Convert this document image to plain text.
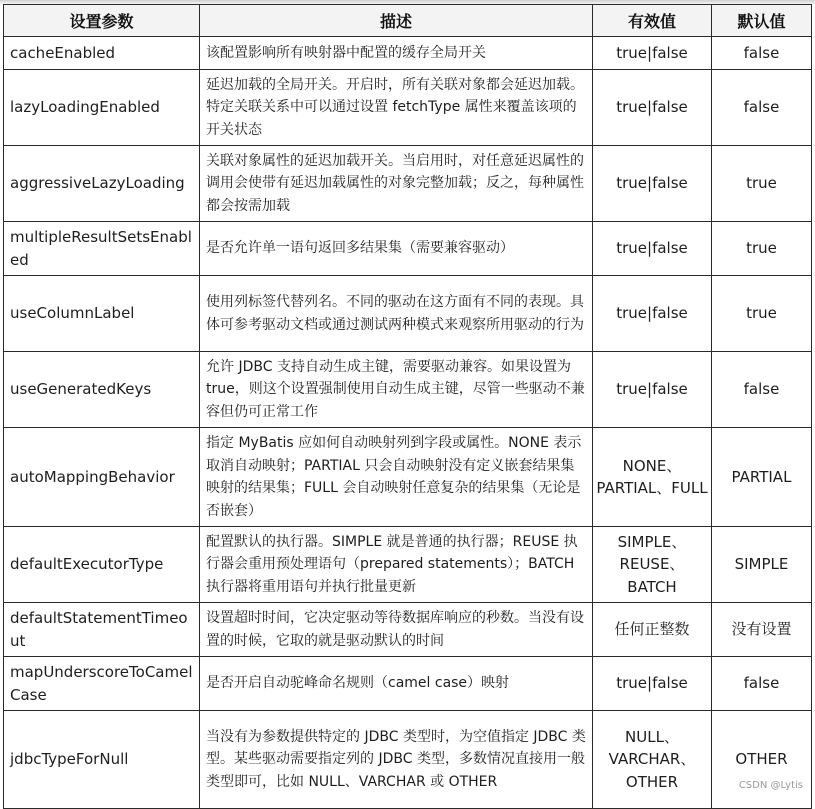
设置参数	描述	有效值	默认值
cacheEnabled	该配置影响所有映射器中配置的缓存全局开关	true|false	false
lazyLoadingEnabled	延迟加载的全局开关。开启时，所有关联对象都会延迟加载。特定关联关系中可以通过设置 fetchType 属性来覆盖该项的开关状态	true|false	false
aggressiveLazyLoading	关联对象属性的延迟加载开关。当启用时，对任意延迟属性的调用会使带有延迟加载属性的对象完整加载；反之，每种属性都会按需加载	true|false	true
multipleResultSetsEnabled	是否允许单一语句返回多结果集（需要兼容驱动）	true|false	true
useColumnLabel	使用列标签代替列名。不同的驱动在这方面有不同的表现。具体可参考驱动文档或通过测试两种模式来观察所用驱动的行为	true|false	true
useGeneratedKeys	允许 JDBC 支持自动生成主键，需要驱动兼容。如果设置为 true，则这个设置强制使用自动生成主键，尽管一些驱动不兼容但仍可正常工作	true|false	false
autoMappingBehavior	指定 MyBatis 应如何自动映射列到字段或属性。NONE 表示取消自动映射；PARTIAL 只会自动映射没有定义嵌套结果集映射的结果集；FULL 会自动映射任意复杂的结果集（无论是否嵌套）	NONE、PARTIAL、FULL	PARTIAL
defaultExecutorType	配置默认的执行器。SIMPLE 就是普通的执行器；REUSE 执行器会重用预处理语句（prepared statements）；BATCH 执行器将重用语句并执行批量更新	SIMPLE、REUSE、BATCH	SIMPLE
defaultStatementTimeout	设置超时时间，它决定驱动等待数据库响应的秒数。当没有设置的时候，它取的就是驱动默认的时间	任何正整数	没有设置
mapUnderscoreToCamelCase	是否开启自动驼峰命名规则（camel case）映射	true|false	false
jdbcTypeForNull	当没有为参数提供特定的 JDBC 类型时，为空值指定 JDBC 类型。某些驱动需要指定列的 JDBC 类型，多数情况直接用一般类型即可，比如 NULL、VARCHAR 或 OTHER	NULL、VARCHAR、OTHER	OTHER
CSDN @Lytis
